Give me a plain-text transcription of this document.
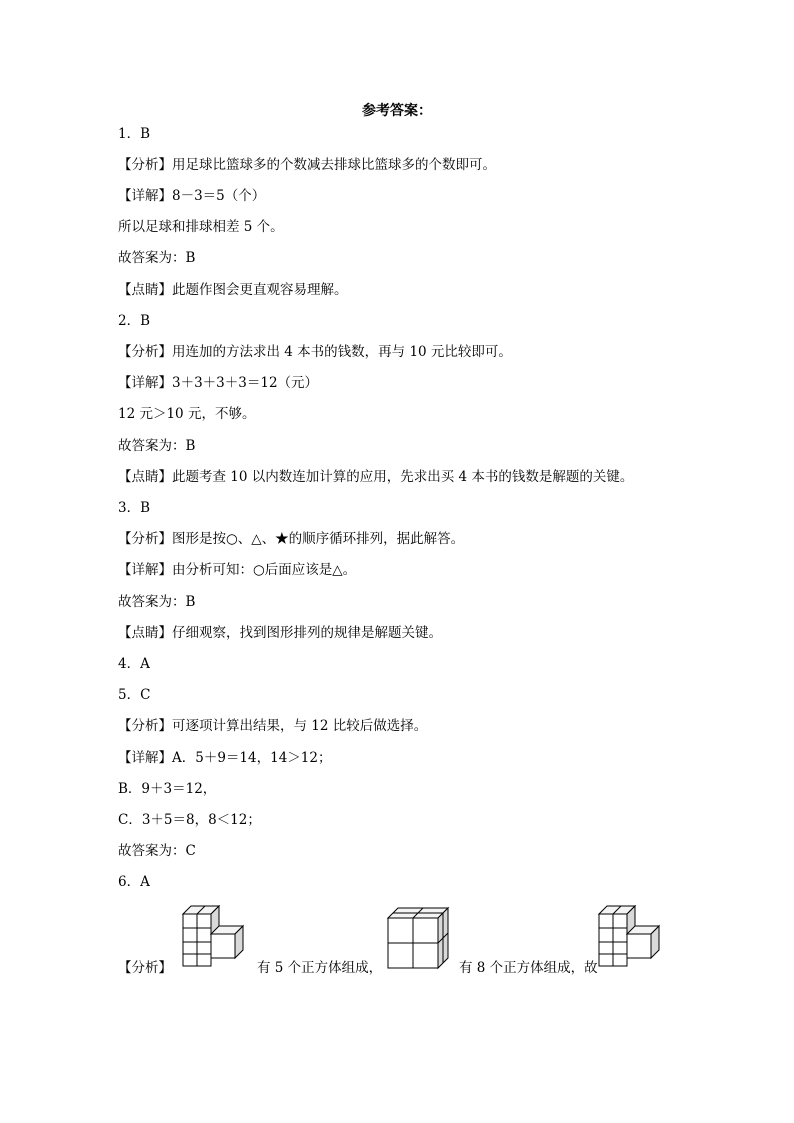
参考答案：
1．B
【分析】用足球比篮球多的个数减去排球比篮球多的个数即可。
【详解】8－3＝5（个）
所以足球和排球相差 5 个。
故答案为：B
【点睛】此题作图会更直观容易理解。
2．B
【分析】用连加的方法求出 4 本书的钱数，再与 10 元比较即可。
【详解】3＋3＋3＋3＝12（元）
12 元＞10 元，不够。
故答案为：B
【点睛】此题考查 10 以内数连加计算的应用，先求出买 4 本书的钱数是解题的关键。
3．B
【分析】图形是按○、△、★的顺序循环排列，据此解答。
【详解】由分析可知：○后面应该是△。
故答案为：B
【点睛】仔细观察，找到图形排列的规律是解题关键。
4．A
5．C
【分析】可逐项计算出结果，与 12 比较后做选择。
【详解】A．5＋9＝14，14＞12；
B．9＋3＝12，
C．3＋5＝8，8＜12；
故答案为：C
6．A
【分析】	有 5 个正方体组成，	有 8 个正方体组成，故
